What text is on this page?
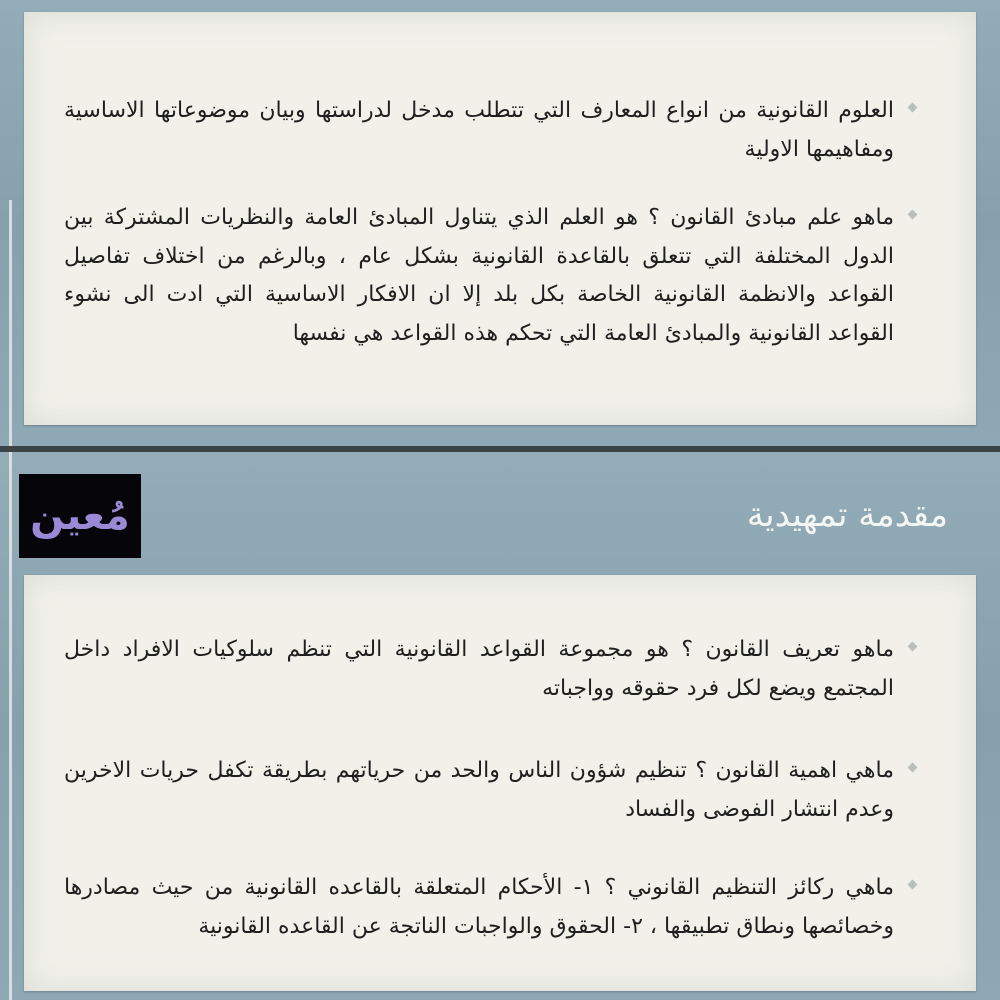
العلوم القانونية من انواع المعارف التي تتطلب مدخل لدراستها وبيان موضوعاتها الاساسية ومفاهيمها الاولية

ماهو علم مبادئ القانون ؟ هو العلم الذي يتناول المبادئ العامة والنظريات المشتركة بين الدول المختلفة التي تتعلق بالقاعدة القانونية بشكل عام ، وبالرغم من اختلاف تفاصيل القواعد والانظمة القانونية الخاصة بكل بلد إلا ان الافكار الاساسية التي ادت الى نشوء القواعد القانونية والمبادئ العامة التي تحكم هذه القواعد هي نفسها

مُعين	مقدمة تمهيدية

ماهو تعريف القانون ؟ هو مجموعة القواعد القانونية التي تنظم سلوكيات الافراد داخل المجتمع ويضع لكل فرد حقوقه وواجباته

ماهي اهمية القانون ؟ تنظيم شؤون الناس والحد من حرياتهم بطريقة تكفل حريات الاخرين وعدم انتشار الفوضى والفساد

ماهي ركائز التنظيم القانوني ؟ ١- الأحكام المتعلقة بالقاعده القانونية من حيث مصادرها وخصائصها ونطاق تطبيقها ، ٢- الحقوق والواجبات الناتجة عن القاعده القانونية
